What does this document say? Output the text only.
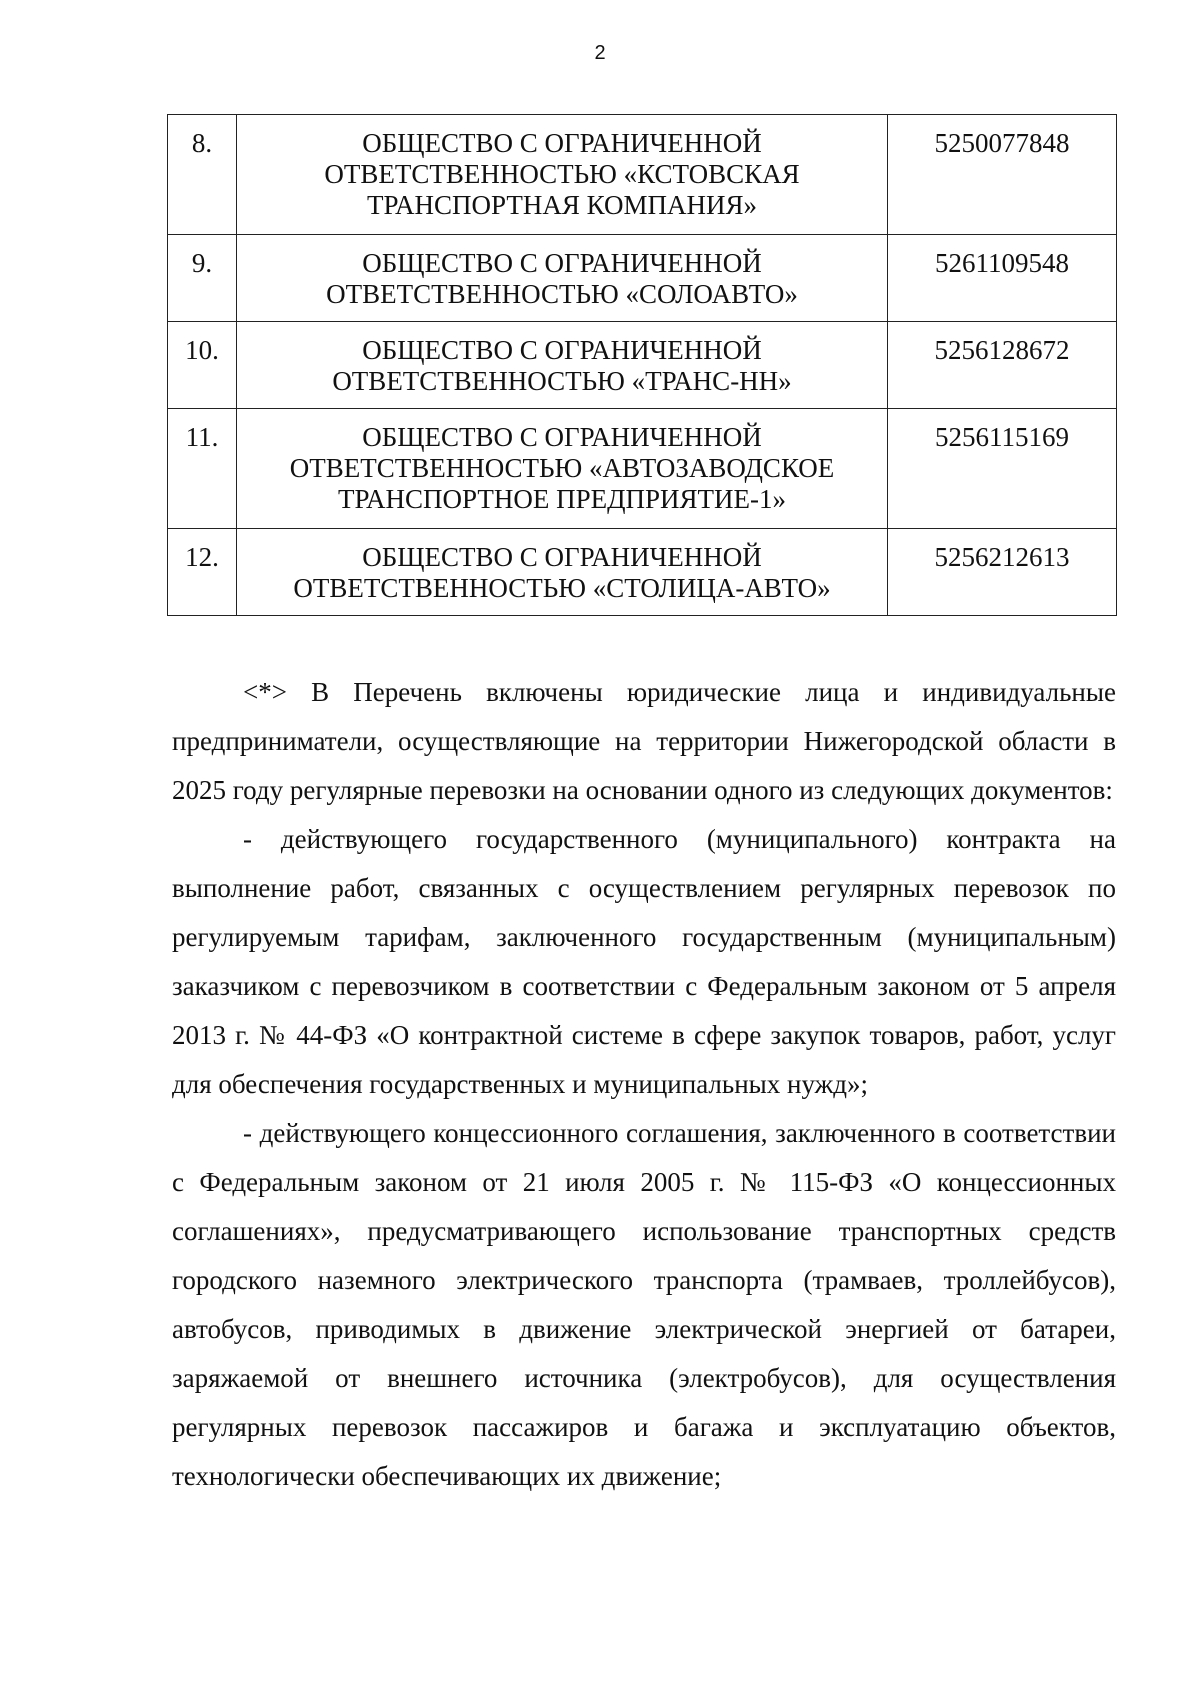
2
8.	ОБЩЕСТВО С ОГРАНИЧЕННОЙ
ОТВЕТСТВЕННОСТЬЮ «КСТОВСКАЯ
ТРАНСПОРТНАЯ КОМПАНИЯ»	5250077848
9.	ОБЩЕСТВО С ОГРАНИЧЕННОЙ
ОТВЕТСТВЕННОСТЬЮ «СОЛОАВТО»	5261109548
10.	ОБЩЕСТВО С ОГРАНИЧЕННОЙ
ОТВЕТСТВЕННОСТЬЮ «ТРАНС-НН»	5256128672
11.	ОБЩЕСТВО С ОГРАНИЧЕННОЙ
ОТВЕТСТВЕННОСТЬЮ «АВТОЗАВОДСКОЕ
ТРАНСПОРТНОЕ ПРЕДПРИЯТИЕ-1»	5256115169
12.	ОБЩЕСТВО С ОГРАНИЧЕННОЙ
ОТВЕТСТВЕННОСТЬЮ «СТОЛИЦА-АВТО»	5256212613

<*> В Перечень включены юридические лица и индивидуальные предприниматели, осуществляющие на территории Нижегородской области в 2025 году регулярные перевозки на основании одного из следующих документов:

- действующего государственного (муниципального) контракта на выполнение работ, связанных с осуществлением регулярных перевозок по регулируемым тарифам, заключенного государственным (муниципальным) заказчиком с перевозчиком в соответствии с Федеральным законом от 5 апреля 2013 г. № 44-ФЗ «О контрактной системе в сфере закупок товаров, работ, услуг для обеспечения государственных и муниципальных нужд»;

- действующего концессионного соглашения, заключенного в соответствии с Федеральным законом от 21 июля 2005 г. № 115-ФЗ «О концессионных соглашениях», предусматривающего использование транспортных средств городского наземного электрического транспорта (трамваев, троллейбусов), автобусов, приводимых в движение электрической энергией от батареи, заряжаемой от внешнего источника (электробусов), для осуществления регулярных перевозок пассажиров и багажа и эксплуатацию объектов, технологически обеспечивающих их движение;
